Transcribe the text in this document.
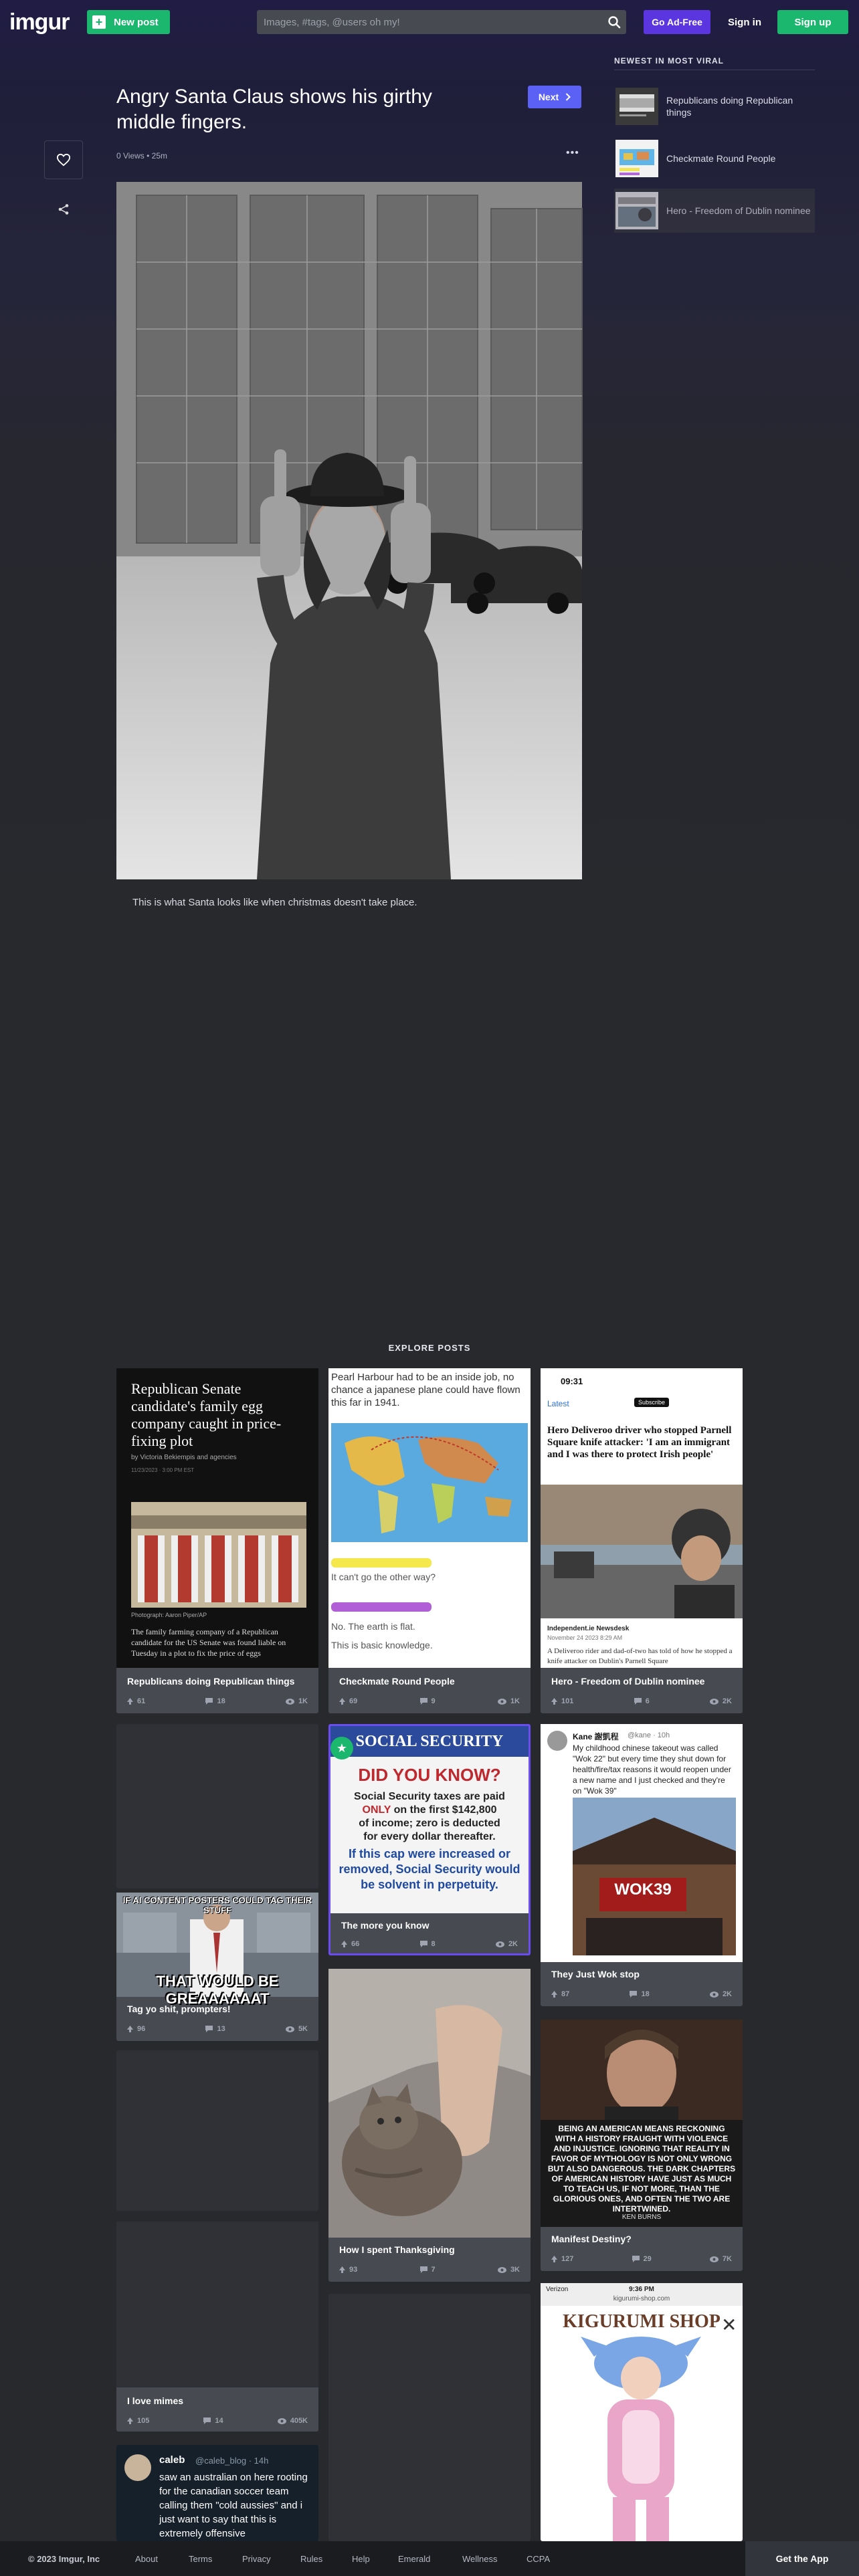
imgur +	New post	Images, #tags, @users oh my!	Go Ad-Free	Sign in	Sign up
Angry Santa Claus shows his girthy middle fingers.
Next
0 Views • 25m	•••
This is what Santa looks like when christmas doesn't take place.
NEWEST IN MOST VIRAL
Republicans doing Republican things
Checkmate Round People
Hero - Freedom of Dublin nominee
EXPLORE POSTS
Republican Senate candidate's family egg company caught in price-fixing plot
by Victoria Bekiempis and agencies
11/23/2023 · 3:00 PM EST
Photograph: Aaron Piper/AP
The family farming company of a Republican candidate for the US Senate was found liable on Tuesday in a plot to fix the price of eggs
Republicans doing Republican things
61	18	1K
Pearl Harbour had to be an inside job, no chance a japanese plane could have flown this far in 1941.
It can't go the other way?
No. The earth is flat.
This is basic knowledge.
Checkmate Round People
69	9	1K
09:31
Latest	Subscribe
Hero Deliveroo driver who stopped Parnell Square knife attacker: 'I am an immigrant and I was there to protect Irish people'
Independent.ie Newsdesk
November 24 2023 8:29 AM
A Deliveroo rider and dad-of-two has told of how he stopped a knife attacker on Dublin's Parnell Square
Hero - Freedom of Dublin nominee
101	6	2K
IF AI CONTENT POSTERS COULD TAG THEIR STUFF
THAT WOULD BE GREAAAAAAT
Tag yo shit, prompters!
96	13	5K
I love mimes
105	14	405K
caleb @caleb_blog · 14h
saw an australian on here rooting for the canadian soccer team calling them "cold aussies" and i just want to say that this is extremely offensive
SOCIAL SECURITY
★
DID YOU KNOW?
Social Security taxes are paid
ONLY on the first $142,800
of income; zero is deducted
for every dollar thereafter.
If this cap were increased or removed, Social Security would be solvent in perpetuity.
The more you know
66	8	2K
How I spent Thanksgiving
93	7	3K
Kane 謝凱程 @kane · 10h
My childhood chinese takeout was called "Wok 22" but every time they shut down for health/fire/tax reasons it would reopen under a new name and I just checked and they're on "Wok 39"
WOK39
They Just Wok stop
87	18	2K
BEING AN AMERICAN MEANS RECKONING WITH A HISTORY FRAUGHT WITH VIOLENCE AND INJUSTICE. IGNORING THAT REALITY IN FAVOR OF MYTHOLOGY IS NOT ONLY WRONG BUT ALSO DANGEROUS. THE DARK CHAPTERS OF AMERICAN HISTORY HAVE JUST AS MUCH TO TEACH US, IF NOT MORE, THAN THE GLORIOUS ONES, AND OFTEN THE TWO ARE INTERTWINED.
KEN BURNS
Manifest Destiny?
127	29	7K
Verizon	9:36 PM
kigurumi-shop.com
KIGURUMI SHOP ✕
© 2023 Imgur, Inc	About	Terms	Privacy	Rules	Help	Emerald	Wellness	CCPA	Get the App
